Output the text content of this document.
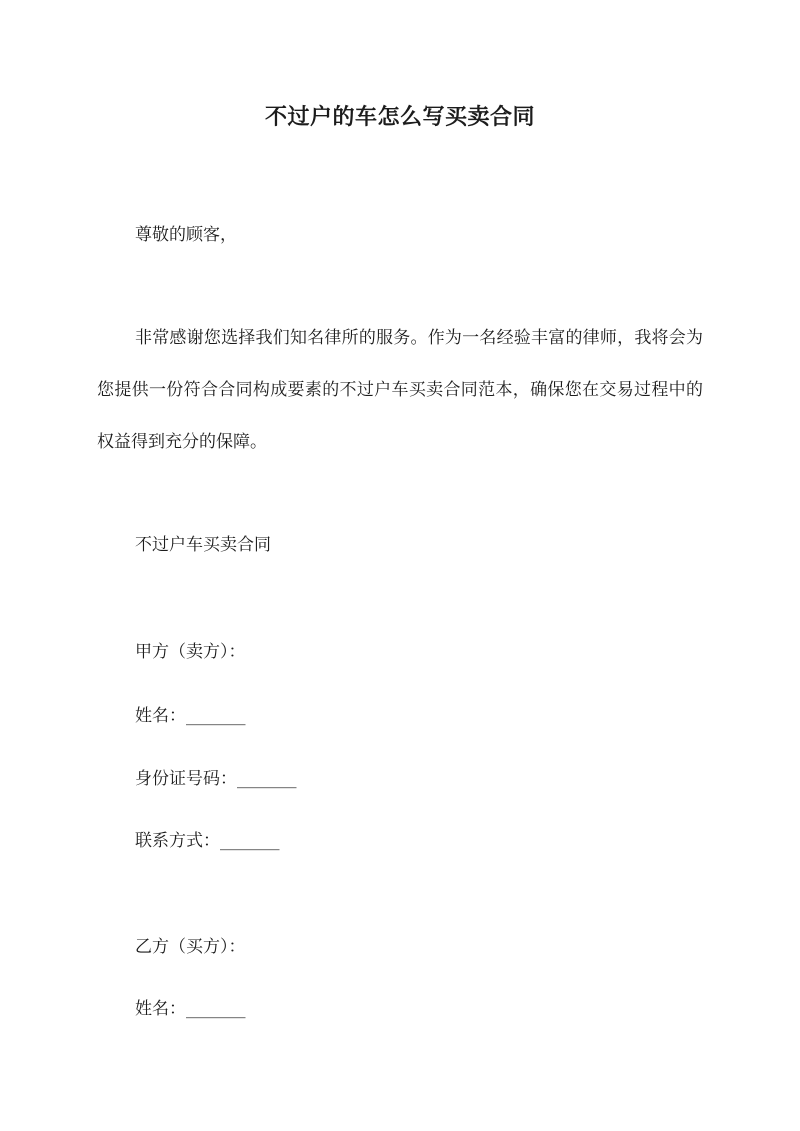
不过户的车怎么写买卖合同
尊敬的顾客，
非常感谢您选择我们知名律所的服务。作为一名经验丰富的律师，我将会为您提供一份符合合同构成要素的不过户车买卖合同范本，确保您在交易过程中的权益得到充分的保障。
不过户车买卖合同
甲方（卖方）：
姓名：_______
身份证号码：_______
联系方式：_______
乙方（买方）：
姓名：_______
